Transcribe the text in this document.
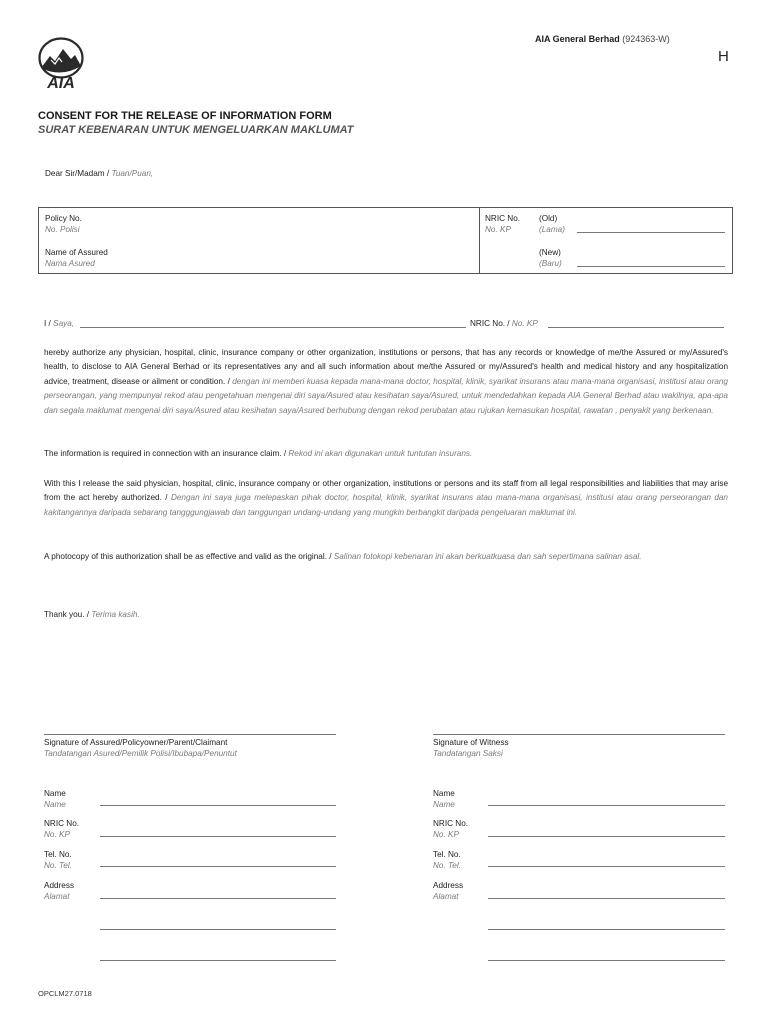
AIA
AIA General Berhad (924363-W)
H
CONSENT FOR THE RELEASE OF INFORMATION FORM
SURAT KEBENARAN UNTUK MENGELUARKAN MAKLUMAT
Dear Sir/Madam / Tuan/Puan,
Policy No.
No. Polisi
Name of Assured
Nama Asured
NRIC No.
No. KP
(Old)
(Lama)
(New)
(Baru)
I / Saya,	NRIC No. / No. KP
hereby authorize any physician, hospital, clinic, insurance company or other organization, institutions or persons, that has any records or knowledge of me/the Assured or my/Assured's health, to disclose to AIA General Berhad or its representatives any and all such information about me/the Assured or my/Assured's health and medical history and any hospitalization advice, treatment, disease or ailment or condition. / dengan ini memberi kuasa kepada mana-mana doctor, hospital, klinik, syarikat insurans atau mana-mana organisasi, institusi atau orang perseorangan, yang mempunyai rekod atau pengetahuan mengenai diri saya/Asured atau kesihatan saya/Asured, untuk mendedahkan kepada AIA General Berhad atau wakilnya, apa-apa dan segala maklumat mengenai diri saya/Asured atau kesihatan saya/Asured berhubung dengan rekod perubatan atau rujukan kemasukan hospital, rawatan , penyakit yang berkenaan.
The information is required in connection with an insurance claim. / Rekod ini akan digunakan untuk tuntutan insurans.
With this I release the said physician, hospital, clinic, insurance company or other organization, institutions or persons and its staff from all legal responsibilities and liabilities that may arise from the act hereby authorized. / Dengan ini saya juga melepaskan pihak doctor, hospital, klinik, syarikat insurans atau mana-mana organisasi, institusi atau orang perseorangan dan kakitangannya daripada sebarang tangggungjawab dan tanggungan undang-undang yang mungkin berbangkit daripada pengeluaran maklumat ini.
A photocopy of this authorization shall be as effective and valid as the original. / Salinan fotokopi kebenaran ini akan berkuatkuasa dan sah sepertimana salinan asal.
Thank you. / Terima kasih.
Signature of Assured/Policyowner/Parent/Claimant
Tandatangan Asured/Pemilik Polisi/Ibubapa/Penuntut
Signature of Witness
Tandatangan Saksi
Name
Name
NRIC No.
No. KP
Tel. No.
No. Tel.
Address
Alamat
Name
Name
NRIC No.
No. KP
Tel. No.
No. Tel.
Address
Alamat
OPCLM27.0718
